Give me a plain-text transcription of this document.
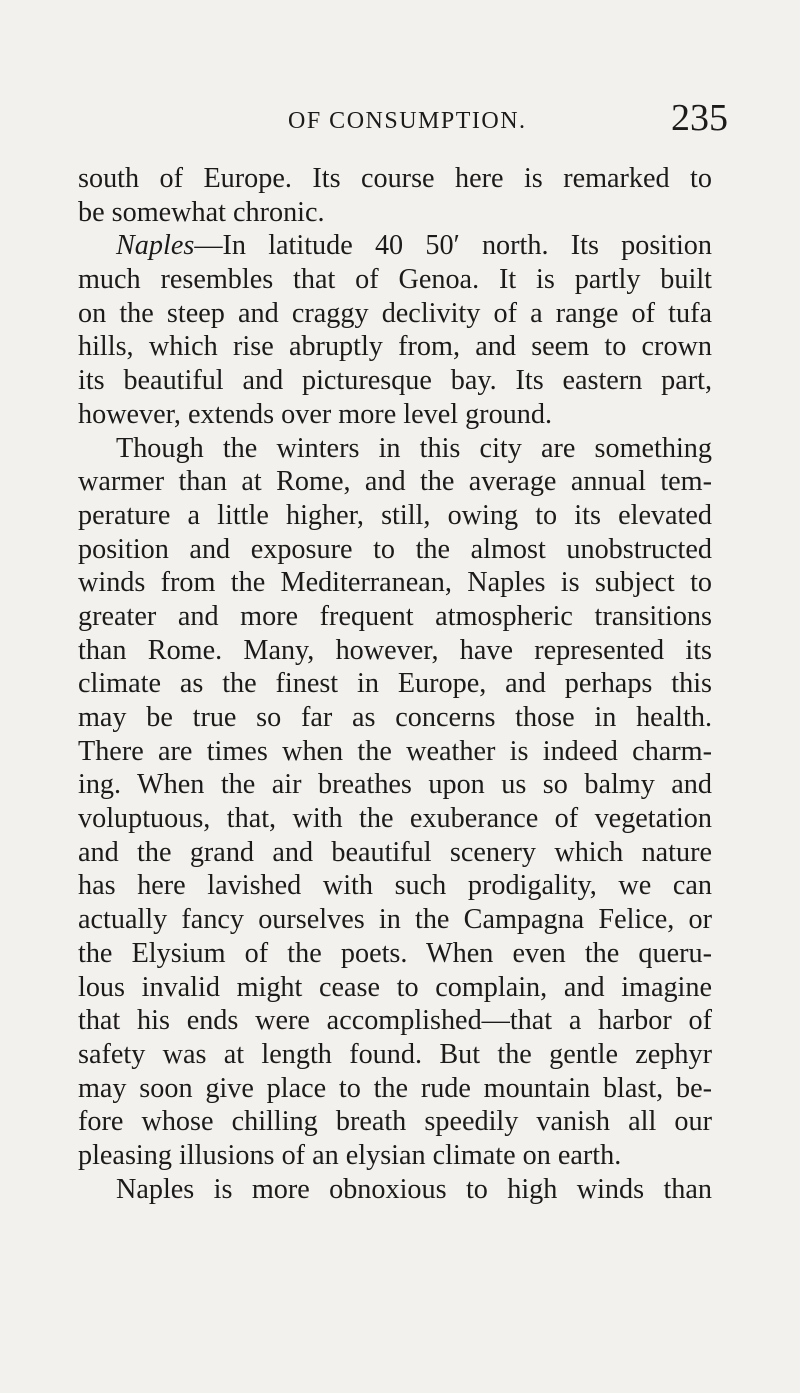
OF CONSUMPTION.	235
south of Europe. Its course here is remarked to
be somewhat chronic.
Naples—In latitude 40 50′ north. Its position
much resembles that of Genoa. It is partly built
on the steep and craggy declivity of a range of tufa
hills, which rise abruptly from, and seem to crown
its beautiful and picturesque bay. Its eastern part,
however, extends over more level ground.
Though the winters in this city are something
warmer than at Rome, and the average annual tem-
perature a little higher, still, owing to its elevated
position and exposure to the almost unobstructed
winds from the Mediterranean, Naples is subject to
greater and more frequent atmospheric transitions
than Rome. Many, however, have represented its
climate as the finest in Europe, and perhaps this
may be true so far as concerns those in health.
There are times when the weather is indeed charm-
ing. When the air breathes upon us so balmy and
voluptuous, that, with the exuberance of vegetation
and the grand and beautiful scenery which nature
has here lavished with such prodigality, we can
actually fancy ourselves in the Campagna Felice, or
the Elysium of the poets. When even the queru-
lous invalid might cease to complain, and imagine
that his ends were accomplished—that a harbor of
safety was at length found. But the gentle zephyr
may soon give place to the rude mountain blast, be-
fore whose chilling breath speedily vanish all our
pleasing illusions of an elysian climate on earth.
Naples is more obnoxious to high winds than
